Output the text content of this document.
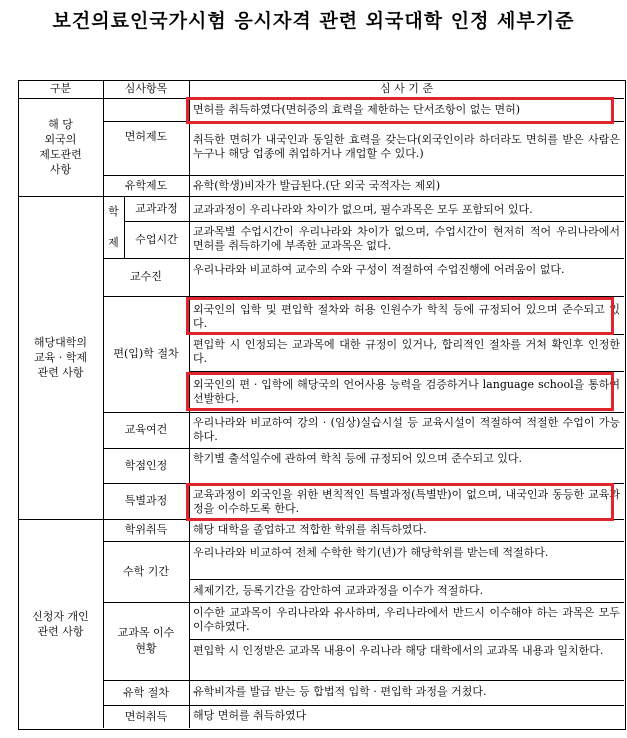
보건의료인국가시험 응시자격 관련 외국대학 인정 세부기준
구분	심사항목	심 사 기 준
해 당
외국의
제도관련
사항
해당대학의
교육 · 학제
관련 사항
신청자 개인
관련 사항
면허제도
유학제도
학
제
교과과정
수업시간
교수진
편(입)학 절차
교육여건
학점인정
특별과정
학위취득
수학 기간
교과목 이수
현황
유학 절차
면허취득
면허를 취득하였다(면허증의 효력을 제한하는 단서조항이 없는 면허)
취득한 면허가 내국인과 동일한 효력을 갖는다(외국인이라 하더라도 면허를 받은 사람은 누구나 해당 업종에 취업하거나 개업할 수 있다.)
유학(학생)비자가 발급된다.(단 외국 국적자는 제외)
교과과정이 우리나라와 차이가 없으며, 필수과목은 모두 포함되어 있다.
교과목별 수업시간이 우리나라와 차이가 없으며, 수업시간이 현저히 적어 우리나라에서 면허를 취득하기에 부족한 교과목은 없다.
우리나라와 비교하여 교수의 수와 구성이 적절하여 수업진행에 어려움이 없다.
외국인의 입학 및 편입학 절차와 허용 인원수가 학칙 등에 규정되어 있으며 준수되고 있다.
편입학 시 인정되는 교과목에 대한 규정이 있거나, 합리적인 절차를 거쳐 확인후 인정한다.
외국인의 편 · 입학에 해당국의 언어사용 능력을 검증하거나 language school을 통하여 선발한다.
우리나라와 비교하여 강의 · (임상)실습시설 등 교육시설이 적절하여 적절한 수업이 가능하다.
학기별 출석일수에 관하여 학칙 등에 규정되어 있으며 준수되고 있다.
교육과정이 외국인을 위한 변칙적인 특별과정(특별반)이 없으며, 내국인과 동등한 교육과정을 이수하도록 한다.
해당 대학을 졸업하고 적합한 학위를 취득하였다.
우리나라와 비교하여 전체 수학한 학기(년)가 해당학위를 받는데 적절하다.
체제기간, 등록기간을 감안하여 교과과정을 이수가 적절하다.
이수한 교과목이 우리나라와 유사하며, 우리나라에서 반드시 이수해야 하는 과목은 모두 이수하였다.
편입학 시 인정받은 교과목 내용이 우리나라 해당 대학에서의 교과목 내용과 일치한다.
유학비자를 발급 받는 등 합법적 입학 · 편입학 과정을 거쳤다.
해당 면허를 취득하였다
